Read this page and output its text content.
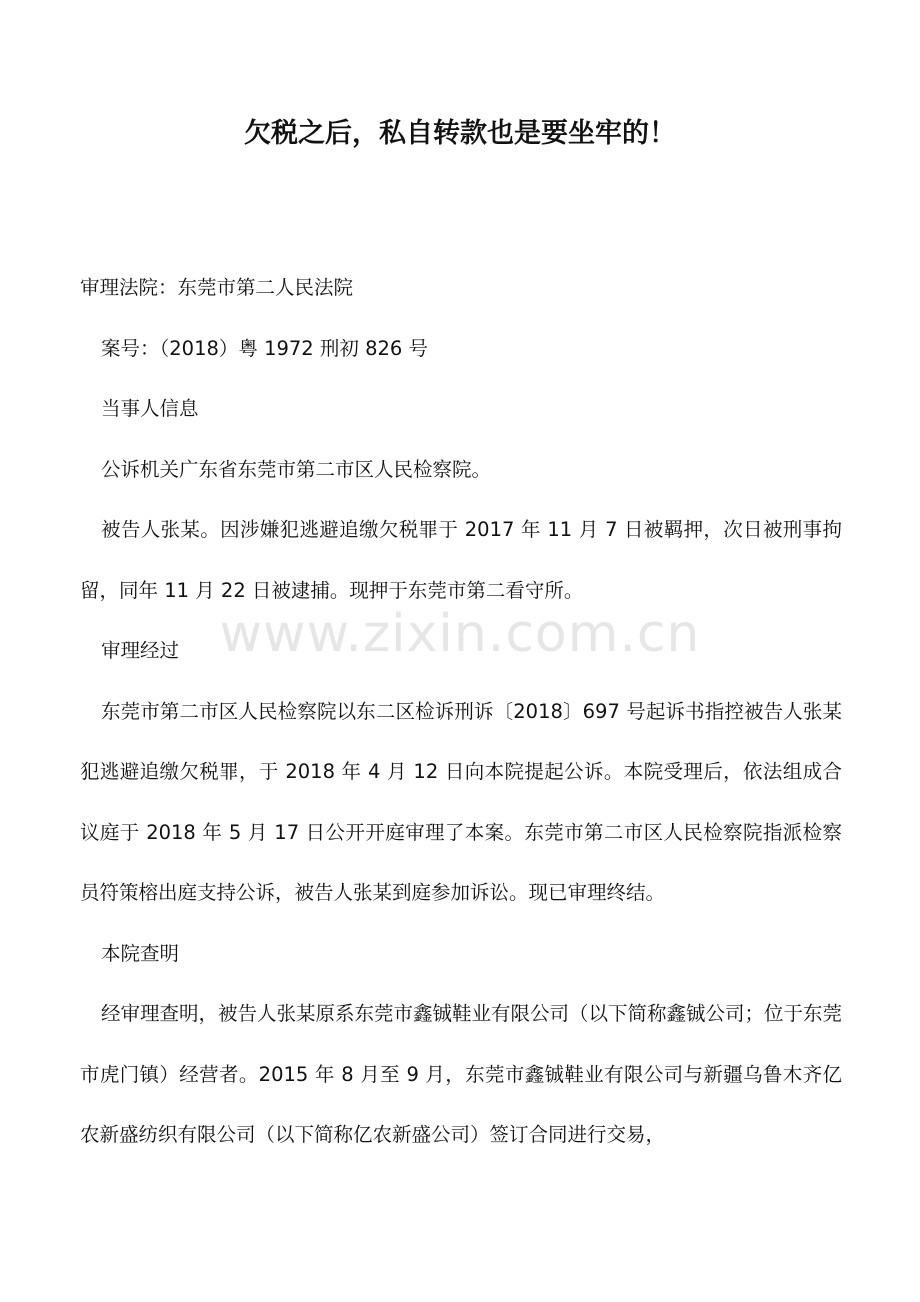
www.zixin.com.cn
欠税之后，私自转款也是要坐牢的！

审理法院：东莞市第二人民法院

案号：（2018）粤 1972 刑初 826 号

当事人信息

公诉机关广东省东莞市第二市区人民检察院。

被告人张某。因涉嫌犯逃避追缴欠税罪于 2017 年 11 月 7 日被羁押，次日被刑事拘留，同年 11 月 22 日被逮捕。现押于东莞市第二看守所。

审理经过

东莞市第二市区人民检察院以东二区检诉刑诉〔2018〕697 号起诉书指控被告人张某犯逃避追缴欠税罪，于 2018 年 4 月 12 日向本院提起公诉。本院受理后，依法组成合议庭于 2018 年 5 月 17 日公开开庭审理了本案。东莞市第二市区人民检察院指派检察员符策榕出庭支持公诉，被告人张某到庭参加诉讼。现已审理终结。

本院查明

经审理查明，被告人张某原系东莞市鑫铖鞋业有限公司（以下简称鑫铖公司；位于东莞市虎门镇）经营者。2015 年 8 月至 9 月，东莞市鑫铖鞋业有限公司与新疆乌鲁木齐亿农新盛纺织有限公司（以下简称亿农新盛公司）签订合同进行交易，
